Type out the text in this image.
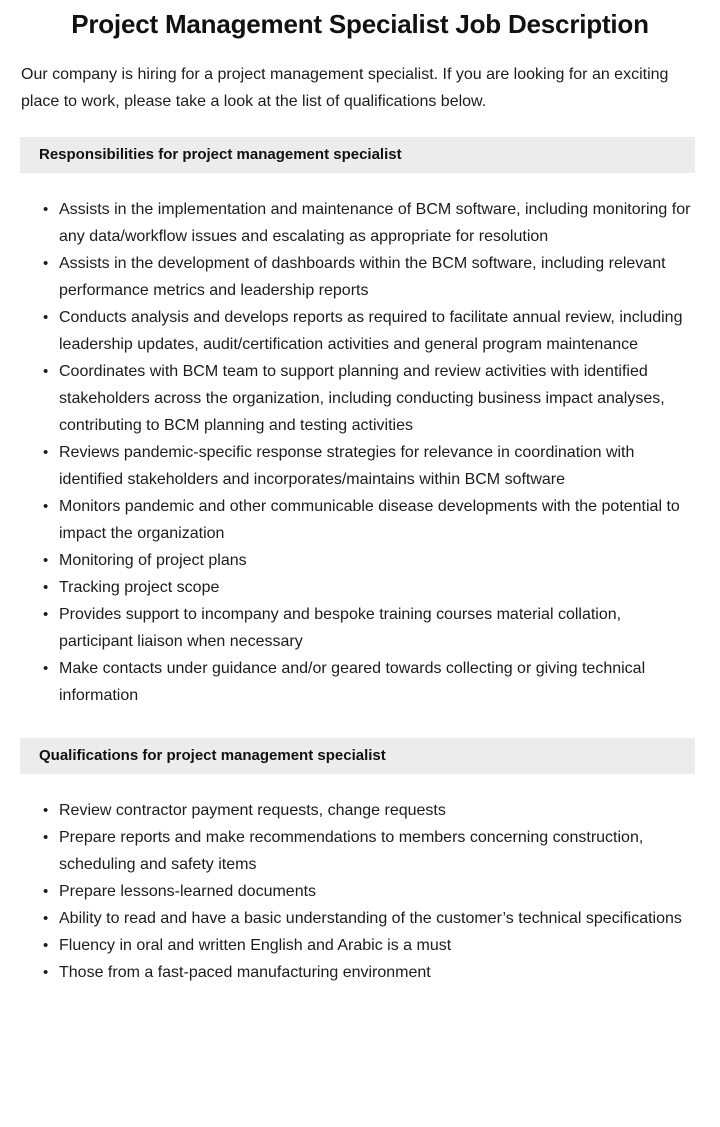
Project Management Specialist Job Description

Our company is hiring for a project management specialist. If you are looking for an exciting place to work, please take a look at the list of qualifications below.

Responsibilities for project management specialist
• Assists in the implementation and maintenance of BCM software, including monitoring for any data/workflow issues and escalating as appropriate for resolution
• Assists in the development of dashboards within the BCM software, including relevant performance metrics and leadership reports
• Conducts analysis and develops reports as required to facilitate annual review, including leadership updates, audit/certification activities and general program maintenance
• Coordinates with BCM team to support planning and review activities with identified stakeholders across the organization, including conducting business impact analyses, contributing to BCM planning and testing activities
• Reviews pandemic-specific response strategies for relevance in coordination with identified stakeholders and incorporates/maintains within BCM software
• Monitors pandemic and other communicable disease developments with the potential to impact the organization
• Monitoring of project plans
• Tracking project scope
• Provides support to incompany and bespoke training courses material collation, participant liaison when necessary
• Make contacts under guidance and/or geared towards collecting or giving technical information
Qualifications for project management specialist
• Review contractor payment requests, change requests
• Prepare reports and make recommendations to members concerning construction, scheduling and safety items
• Prepare lessons-learned documents
• Ability to read and have a basic understanding of the customer’s technical specifications
• Fluency in oral and written English and Arabic is a must
• Those from a fast-paced manufacturing environment
